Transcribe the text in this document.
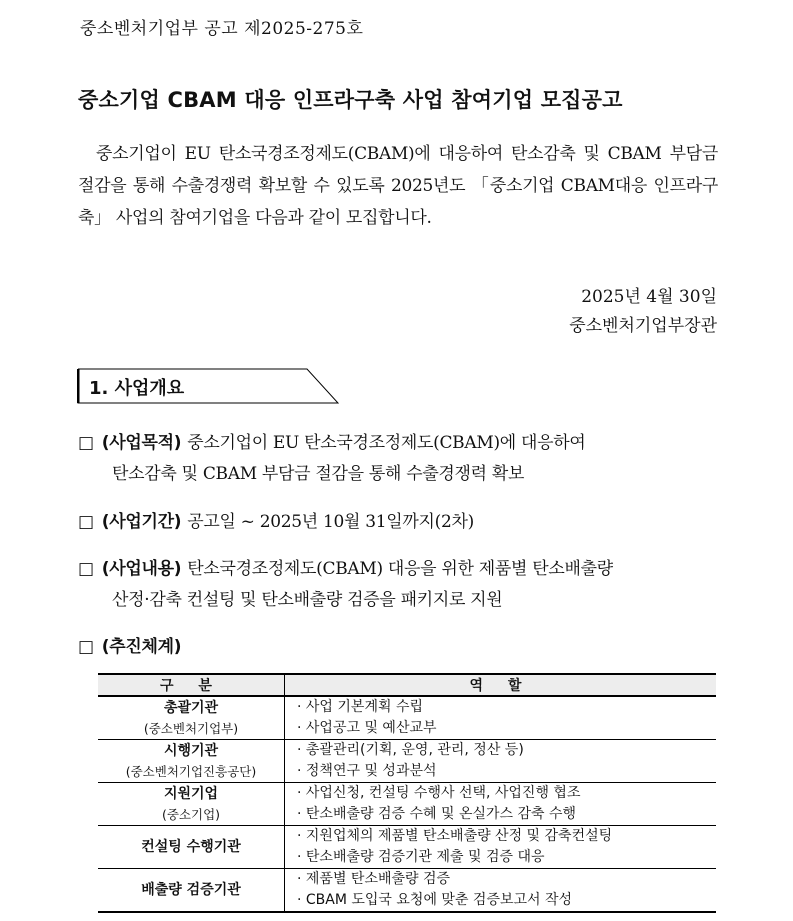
중소벤처기업부 공고 제2025-275호
중소기업 CBAM 대응 인프라구축 사업 참여기업 모집공고
중소기업이 EU 탄소국경조정제도(CBAM)에 대응하여 탄소감축 및 CBAM 부담금 절감을 통해 수출경쟁력 확보할 수 있도록 2025년도 「중소기업 CBAM대응 인프라구축」 사업의 참여기업을 다음과 같이 모집합니다.
2025년 4월 30일
중소벤처기업부장관
1. 사업개요
□ (사업목적) 중소기업이 EU 탄소국경조정제도(CBAM)에 대응하여
탄소감축 및 CBAM 부담금 절감을 통해 수출경쟁력 확보
□ (사업기간) 공고일 ~ 2025년 10월 31일까지(2차)
□ (사업내용) 탄소국경조정제도(CBAM) 대응을 위한 제품별 탄소배출량
산정·감축 컨설팅 및 탄소배출량 검증을 패키지로 지원
□ (추진체계)
구 분	역 할

총괄기관
(중소벤처기업부)	· 사업 기본계획 수립
· 사업공고 및 예산교부

시행기관
(중소벤처기업진흥공단)	· 총괄관리(기획, 운영, 관리, 정산 등)
· 정책연구 및 성과분석

지원기업
(중소기업)	· 사업신청, 컨설팅 수행사 선택, 사업진행 협조
· 탄소배출량 검증 수혜 및 온실가스 감축 수행

컨설팅 수행기관	· 지원업체의 제품별 탄소배출량 산정 및 감축컨설팅
· 탄소배출량 검증기관 제출 및 검증 대응

배출량 검증기관	· 제품별 탄소배출량 검증
· CBAM 도입국 요청에 맞춘 검증보고서 작성
